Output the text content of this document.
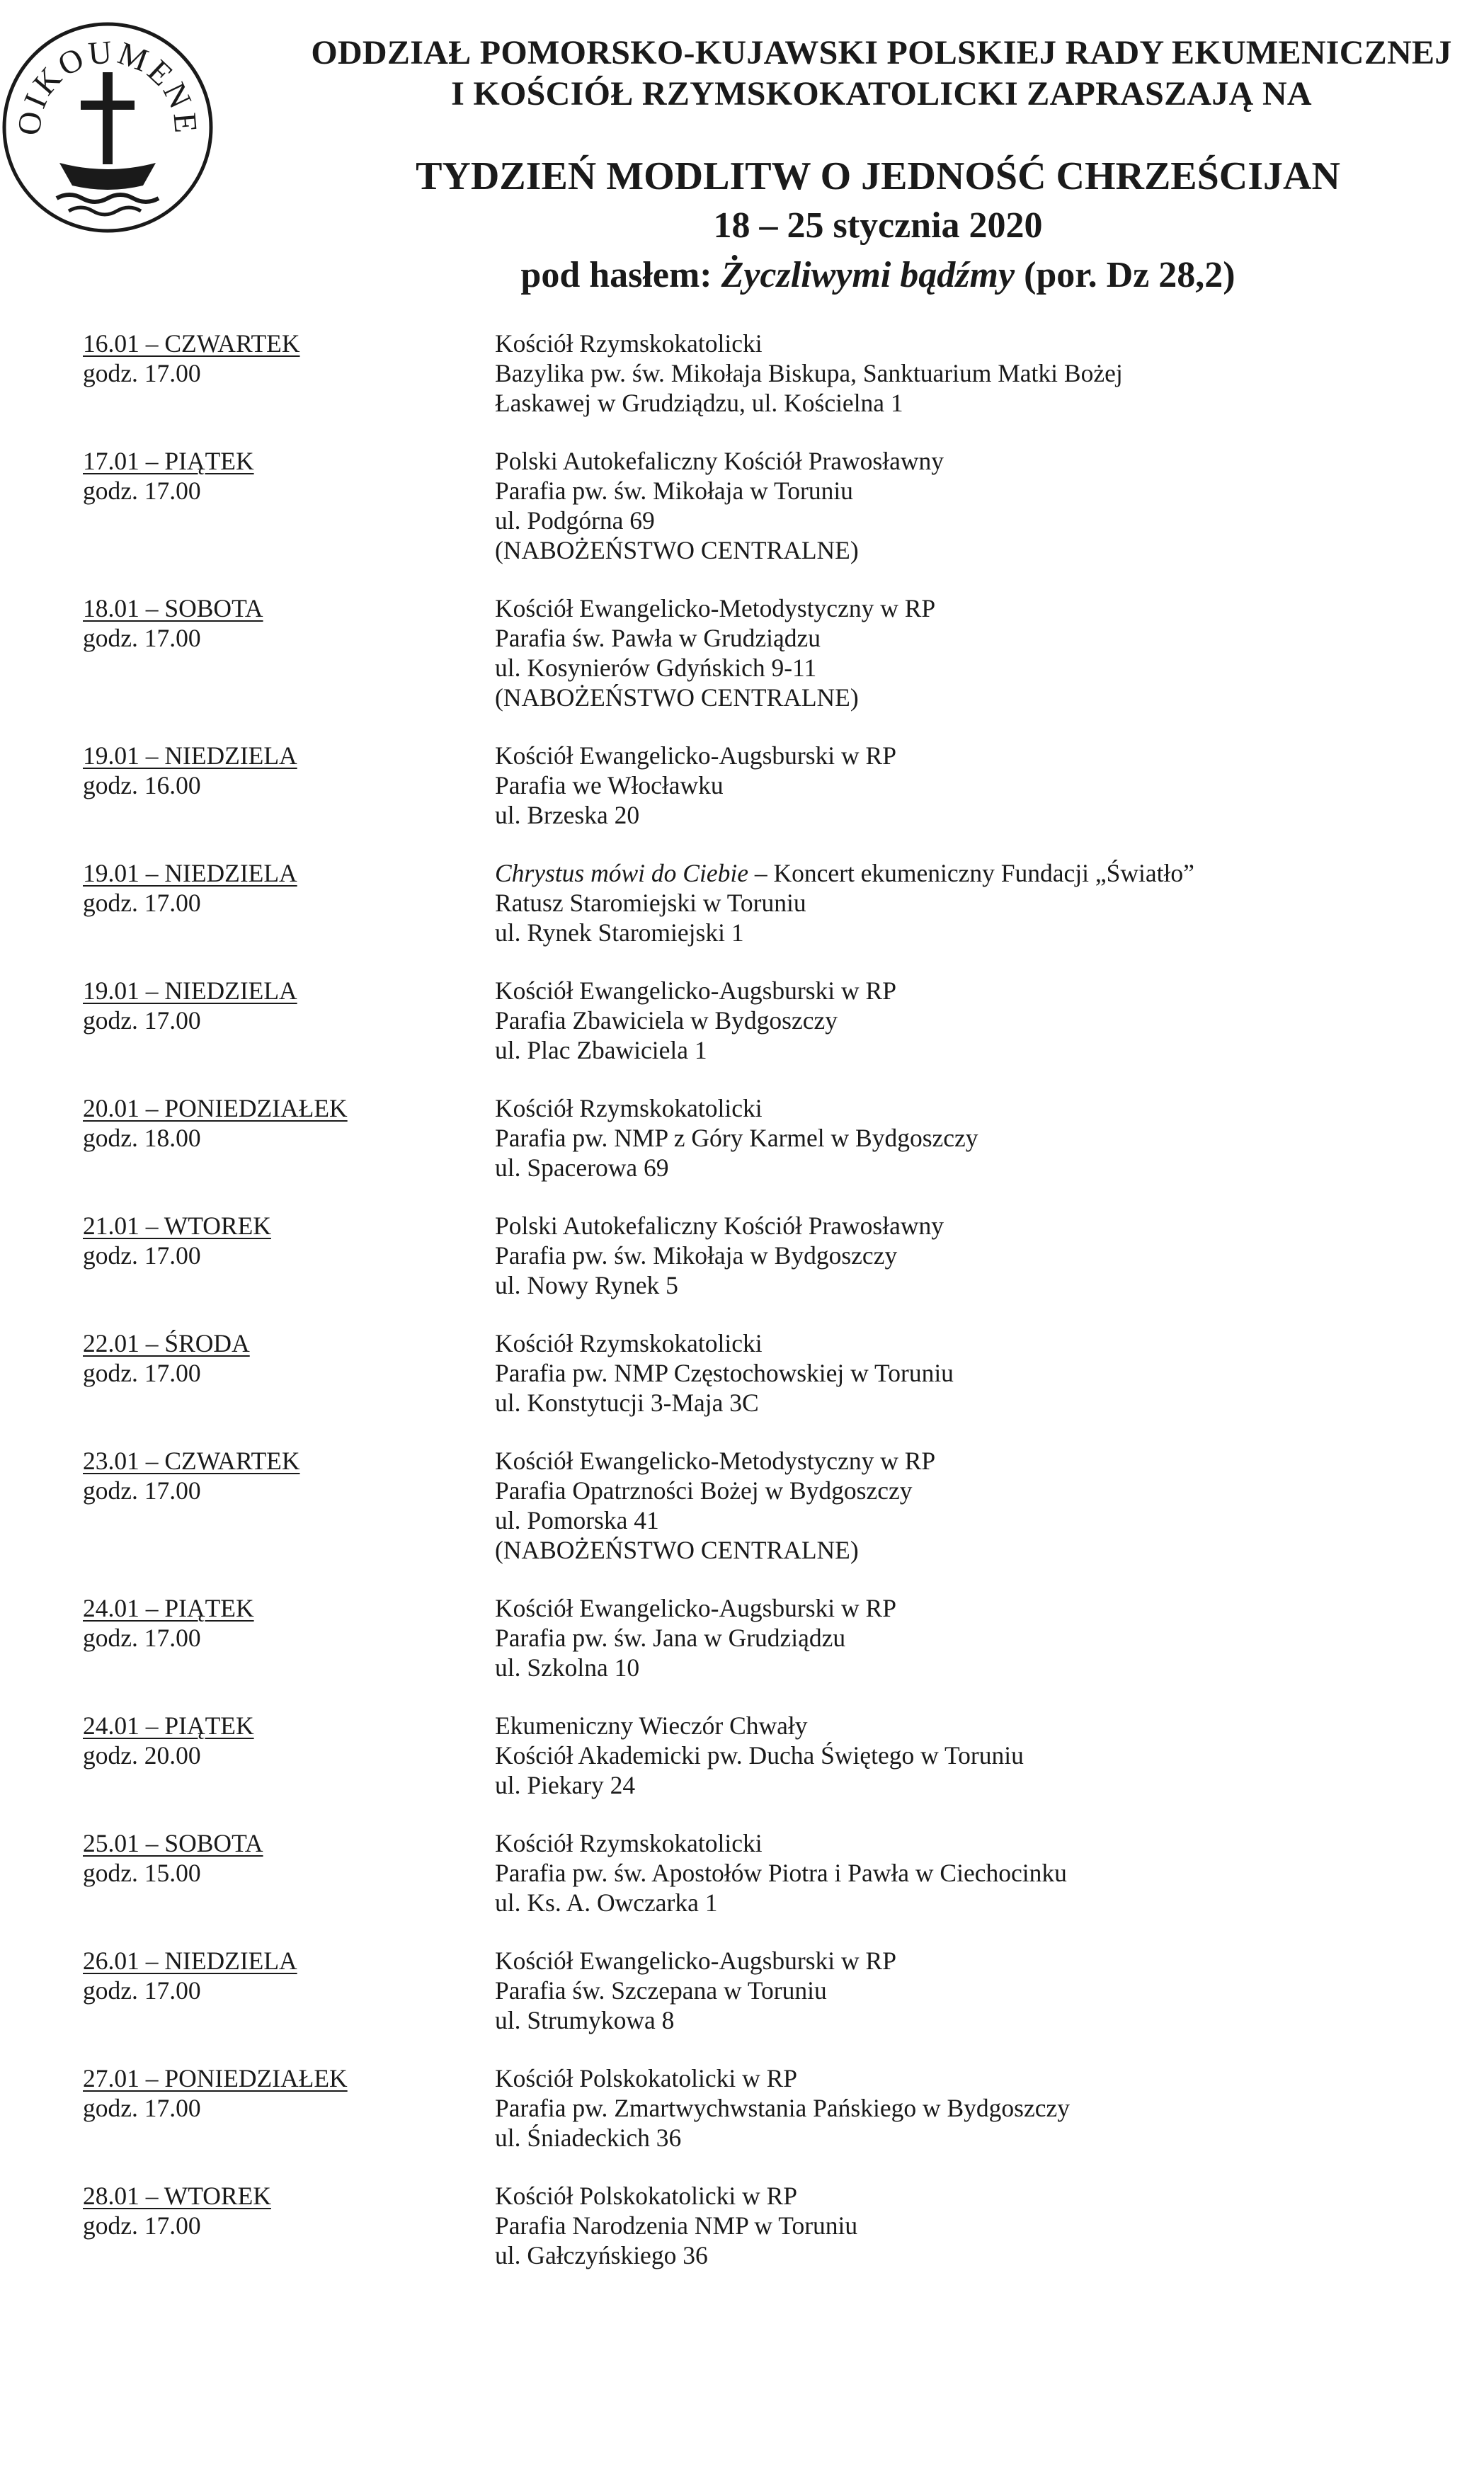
OIKOUMENE
ODDZIAŁ POMORSKO-KUJAWSKI POLSKIEJ RADY EKUMENICZNEJ
I KOŚCIÓŁ RZYMSKOKATOLICKI ZAPRASZAJĄ NA
TYDZIEŃ MODLITW O JEDNOŚĆ CHRZEŚCIJAN
18 – 25 stycznia 2020
pod hasłem: Życzliwymi bądźmy (por. Dz 28,2)
16.01 – CZWARTEK
godz. 17.00
Kościół Rzymskokatolicki
Bazylika pw. św. Mikołaja Biskupa, Sanktuarium Matki Bożej
Łaskawej w Grudziądzu, ul. Kościelna 1
17.01 – PIĄTEK
godz. 17.00
Polski Autokefaliczny Kościół Prawosławny
Parafia pw. św. Mikołaja w Toruniu
ul. Podgórna 69
(NABOŻEŃSTWO CENTRALNE)
18.01 – SOBOTA
godz. 17.00
Kościół Ewangelicko-Metodystyczny w RP
Parafia św. Pawła w Grudziądzu
ul. Kosynierów Gdyńskich 9-11
(NABOŻEŃSTWO CENTRALNE)
19.01 – NIEDZIELA
godz. 16.00
Kościół Ewangelicko-Augsburski w RP
Parafia we Włocławku
ul. Brzeska 20
19.01 – NIEDZIELA
godz. 17.00
Chrystus mówi do Ciebie – Koncert ekumeniczny Fundacji „Światło”
Ratusz Staromiejski w Toruniu
ul. Rynek Staromiejski 1
19.01 – NIEDZIELA
godz. 17.00
Kościół Ewangelicko-Augsburski w RP
Parafia Zbawiciela w Bydgoszczy
ul. Plac Zbawiciela 1
20.01 – PONIEDZIAŁEK
godz. 18.00
Kościół Rzymskokatolicki
Parafia pw. NMP z Góry Karmel w Bydgoszczy
ul. Spacerowa 69
21.01 – WTOREK
godz. 17.00
Polski Autokefaliczny Kościół Prawosławny
Parafia pw. św. Mikołaja w Bydgoszczy
ul. Nowy Rynek 5
22.01 – ŚRODA
godz. 17.00
Kościół Rzymskokatolicki
Parafia pw. NMP Częstochowskiej w Toruniu
ul. Konstytucji 3-Maja 3C
23.01 – CZWARTEK
godz. 17.00
Kościół Ewangelicko-Metodystyczny w RP
Parafia Opatrzności Bożej w Bydgoszczy
ul. Pomorska 41
(NABOŻEŃSTWO CENTRALNE)
24.01 – PIĄTEK
godz. 17.00
Kościół Ewangelicko-Augsburski w RP
Parafia pw. św. Jana w Grudziądzu
ul. Szkolna 10
24.01 – PIĄTEK
godz. 20.00
Ekumeniczny Wieczór Chwały
Kościół Akademicki pw. Ducha Świętego w Toruniu
ul. Piekary 24
25.01 – SOBOTA
godz. 15.00
Kościół Rzymskokatolicki
Parafia pw. św. Apostołów Piotra i Pawła w Ciechocinku
ul. Ks. A. Owczarka 1
26.01 – NIEDZIELA
godz. 17.00
Kościół Ewangelicko-Augsburski w RP
Parafia św. Szczepana w Toruniu
ul. Strumykowa 8
27.01 – PONIEDZIAŁEK
godz. 17.00
Kościół Polskokatolicki w RP
Parafia pw. Zmartwychwstania Pańskiego w Bydgoszczy
ul. Śniadeckich 36
28.01 – WTOREK
godz. 17.00
Kościół Polskokatolicki w RP
Parafia Narodzenia NMP w Toruniu
ul. Gałczyńskiego 36
